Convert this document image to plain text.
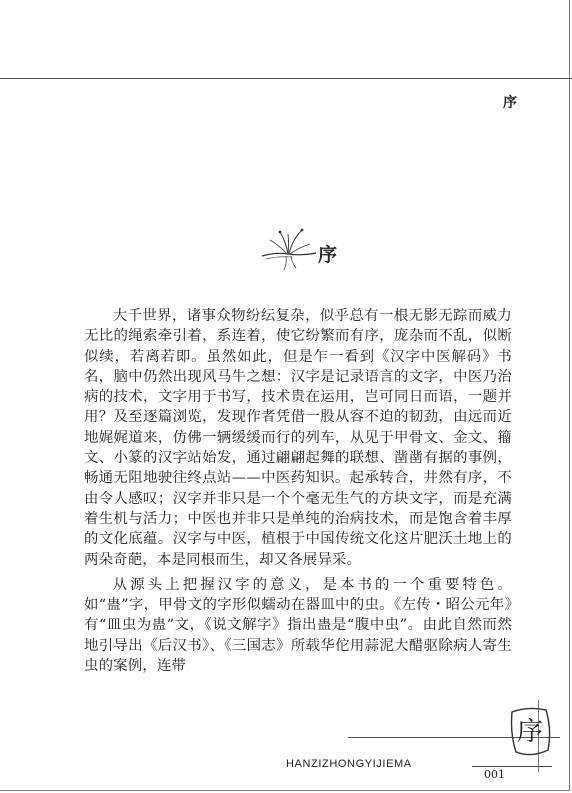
序
序

大千世界，诸事众物纷纭复杂，似乎总有一根无影无踪而威力无比的绳索牵引着，系连着，使它纷繁而有序，庞杂而不乱，似断似续，若离若即。虽然如此，但是乍一看到《汉字中医解码》书名，脑中仍然出现风马牛之想：汉字是记录语言的文字，中医乃治病的技术，文字用于书写，技术贵在运用，岂可同日而语，一题并用？及至逐篇浏览，发现作者凭借一股从容不迫的韧劲，由远而近地娓娓道来，仿佛一辆缓缓而行的列车，从见于甲骨文、金文、籀文、小篆的汉字站始发，通过翩翩起舞的联想、凿凿有据的事例，畅通无阻地驶往终点站——中医药知识。起承转合，井然有序，不由令人感叹；汉字并非只是一个个毫无生气的方块文字，而是充满着生机与活力；中医也并非只是单纯的治病技术，而是饱含着丰厚的文化底蕴。汉字与中医，植根于中国传统文化这片肥沃土地上的两朵奇葩，本是同根而生，却又各展异采。

从源头上把握汉字的意义，是本书的一个重要特色。如“蛊”字，甲骨文的字形似蠕动在器皿中的虫。《左传・昭公元年》有“皿虫为蛊”文，《说文解字》指出蛊是“腹中虫”。由此自然而然地引导出《后汉书》、《三国志》所载华佗用蒜泥大醋驱除病人寄生虫的案例，连带

序
HANZIZHONGYIJIEMA
001
